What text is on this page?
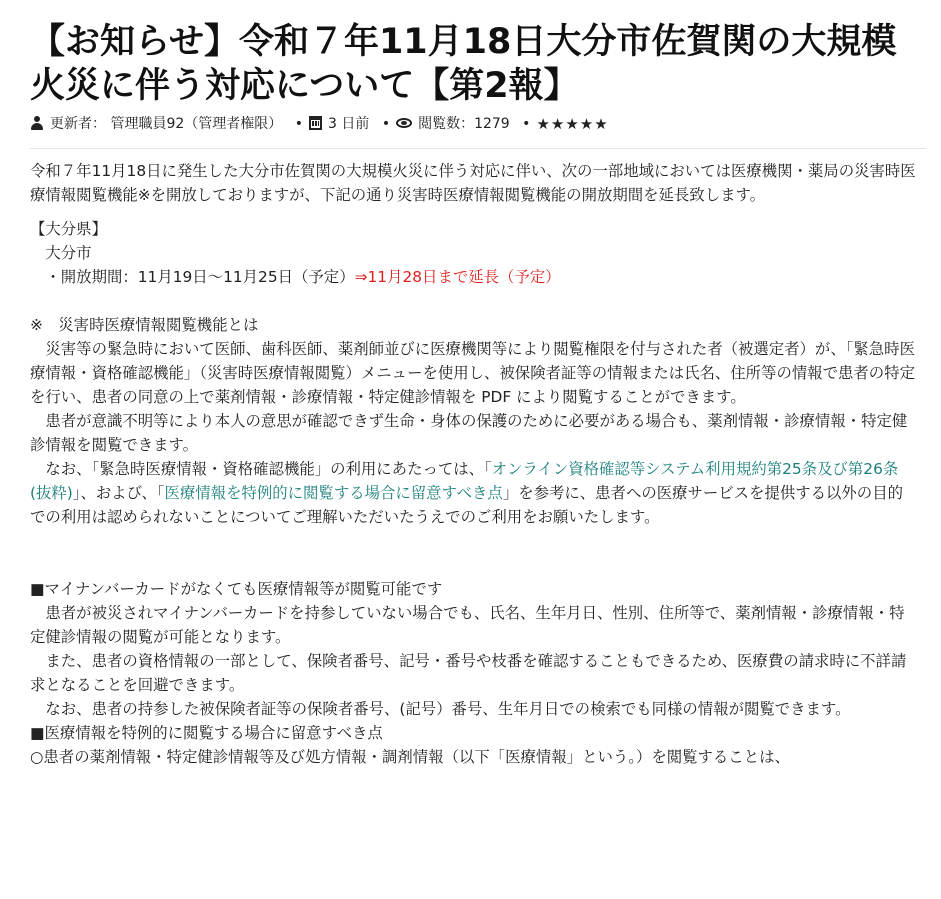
【お知らせ】令和７年11月18日大分市佐賀関の大規模火災に伴う対応について【第2報】
更新者： 管理職員92（管理者権限） • 3 日前 • 閲覧数：1279 • ★★★★★

令和７年11月18日に発生した大分市佐賀関の大規模火災に伴う対応に伴い、次の一部地域においては医療機関・薬局の災害時医療情報閲覧機能※を開放しておりますが、下記の通り災害時医療情報閲覧機能の開放期間を延長致します。

【大分県】

　大分市

　・開放期間：11月19日～11月25日（予定）⇒11月28日まで延長（予定）

※　災害時医療情報閲覧機能とは

　災害等の緊急時において医師、歯科医師、薬剤師並びに医療機関等により閲覧権限を付与された者（被選定者）が、「緊急時医療情報・資格確認機能」（災害時医療情報閲覧）メニューを使用し、被保険者証等の情報または氏名、住所等の情報で患者の特定を行い、患者の同意の上で薬剤情報・診療情報・特定健診情報を PDF により閲覧することができます。

　患者が意識不明等により本人の意思が確認できず生命・身体の保護のために必要がある場合も、薬剤情報・診療情報・特定健診情報を閲覧できます。

　なお、「緊急時医療情報・資格確認機能」の利用にあたっては、「オンライン資格確認等システム利用規約第25条及び第26条(抜粋)」、および、「医療情報を特例的に閲覧する場合に留意すべき点」を参考に、患者への医療サービスを提供する以外の目的での利用は認められないことについてご理解いただいたうえでのご利用をお願いたします。

■マイナンバーカードがなくても医療情報等が閲覧可能です

　患者が被災されマイナンバーカードを持参していない場合でも、氏名、生年月日、性別、住所等で、薬剤情報・診療情報・特定健診情報の閲覧が可能となります。

　また、患者の資格情報の一部として、保険者番号、記号・番号や枝番を確認することもできるため、医療費の請求時に不詳請求となることを回避できます。

　なお、患者の持参した被保険者証等の保険者番号、(記号）番号、生年月日での検索でも同様の情報が閲覧できます。

■医療情報を特例的に閲覧する場合に留意すべき点

○患者の薬剤情報・特定健診情報等及び処方情報・調剤情報（以下「医療情報」という。）を閲覧することは、
